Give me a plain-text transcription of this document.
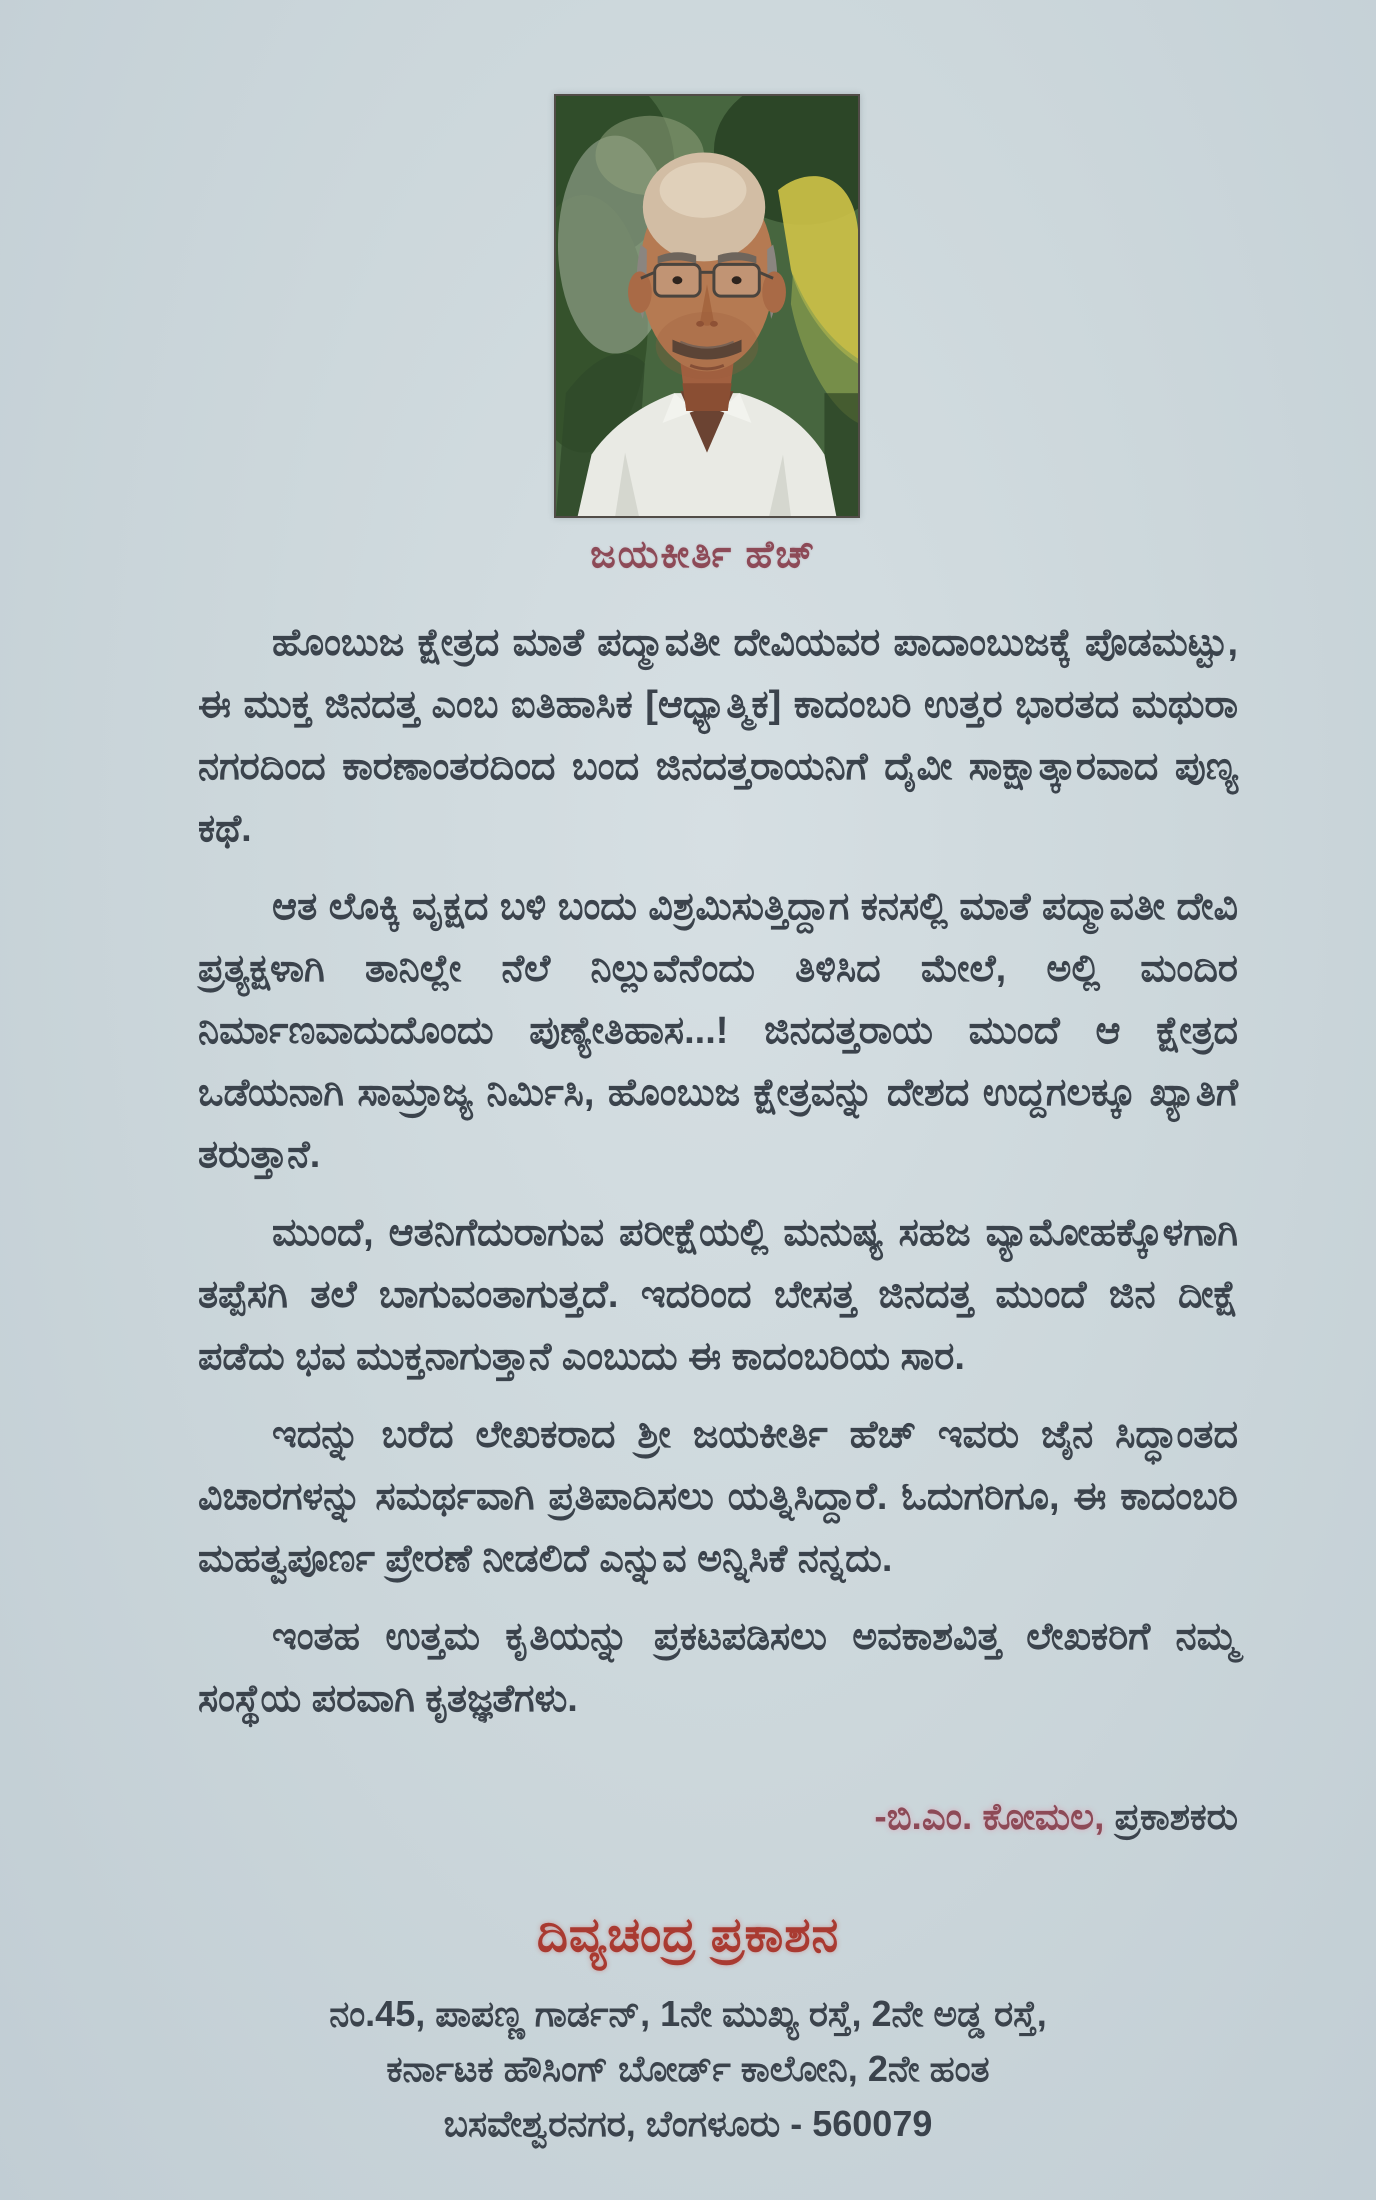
ಜಯಕೀರ್ತಿ ಹೆಚ್

ಹೊಂಬುಜ ಕ್ಷೇತ್ರದ ಮಾತೆ ಪದ್ಮಾವತೀ ದೇವಿಯವರ ಪಾದಾಂಬುಜಕ್ಕೆ ಪೊಡಮಟ್ಟು, ಈ ಮುಕ್ತ ಜಿನದತ್ತ ಎಂಬ ಐತಿಹಾಸಿಕ [ಆಧ್ಯಾತ್ಮಿಕ] ಕಾದಂಬರಿ ಉತ್ತರ ಭಾರತದ ಮಥುರಾ ನಗರದಿಂದ ಕಾರಣಾಂತರದಿಂದ ಬಂದ ಜಿನದತ್ತರಾಯನಿಗೆ ದೈವೀ ಸಾಕ್ಷಾತ್ಕಾರವಾದ ಪುಣ್ಯ ಕಥೆ.

ಆತ ಲೊಕ್ಕಿ ವೃಕ್ಷದ ಬಳಿ ಬಂದು ವಿಶ್ರಮಿಸುತ್ತಿದ್ದಾಗ ಕನಸಲ್ಲಿ ಮಾತೆ ಪದ್ಮಾವತೀ ದೇವಿ ಪ್ರತ್ಯಕ್ಷಳಾಗಿ ತಾನಿಲ್ಲೇ ನೆಲೆ ನಿಲ್ಲುವೆನೆಂದು ತಿಳಿಸಿದ ಮೇಲೆ, ಅಲ್ಲಿ ಮಂದಿರ ನಿರ್ಮಾಣವಾದುದೊಂದು ಪುಣ್ಯೇತಿಹಾಸ...! ಜಿನದತ್ತರಾಯ ಮುಂದೆ ಆ ಕ್ಷೇತ್ರದ ಒಡೆಯನಾಗಿ ಸಾಮ್ರಾಜ್ಯ ನಿರ್ಮಿಸಿ, ಹೊಂಬುಜ ಕ್ಷೇತ್ರವನ್ನು ದೇಶದ ಉದ್ದಗಲಕ್ಕೂ ಖ್ಯಾತಿಗೆ ತರುತ್ತಾನೆ.

ಮುಂದೆ, ಆತನಿಗೆದುರಾಗುವ ಪರೀಕ್ಷೆಯಲ್ಲಿ ಮನುಷ್ಯ ಸಹಜ ವ್ಯಾಮೋಹಕ್ಕೊಳಗಾಗಿ ತಪ್ಪೆಸಗಿ ತಲೆ ಬಾಗುವಂತಾಗುತ್ತದೆ. ಇದರಿಂದ ಬೇಸತ್ತ ಜಿನದತ್ತ ಮುಂದೆ ಜಿನ ದೀಕ್ಷೆ ಪಡೆದು ಭವ ಮುಕ್ತನಾಗುತ್ತಾನೆ ಎಂಬುದು ಈ ಕಾದಂಬರಿಯ ಸಾರ.

ಇದನ್ನು ಬರೆದ ಲೇಖಕರಾದ ಶ್ರೀ ಜಯಕೀರ್ತಿ ಹೆಚ್ ಇವರು ಜೈನ ಸಿದ್ಧಾಂತದ ವಿಚಾರಗಳನ್ನು ಸಮರ್ಥವಾಗಿ ಪ್ರತಿಪಾದಿಸಲು ಯತ್ನಿಸಿದ್ದಾರೆ. ಓದುಗರಿಗೂ, ಈ ಕಾದಂಬರಿ ಮಹತ್ವಪೂರ್ಣ ಪ್ರೇರಣೆ ನೀಡಲಿದೆ ಎನ್ನುವ ಅನ್ನಿಸಿಕೆ ನನ್ನದು.

ಇಂತಹ ಉತ್ತಮ ಕೃತಿಯನ್ನು ಪ್ರಕಟಪಡಿಸಲು ಅವಕಾಶವಿತ್ತ ಲೇಖಕರಿಗೆ ನಮ್ಮ ಸಂಸ್ಥೆಯ ಪರವಾಗಿ ಕೃತಜ್ಞತೆಗಳು.

-ಬಿ.ಎಂ. ಕೋಮಲ, ಪ್ರಕಾಶಕರು
ದಿವ್ಯಚಂದ್ರ ಪ್ರಕಾಶನ
ನಂ.45, ಪಾಪಣ್ಣ ಗಾರ್ಡನ್, 1ನೇ ಮುಖ್ಯ ರಸ್ತೆ, 2ನೇ ಅಡ್ಡ ರಸ್ತೆ,
ಕರ್ನಾಟಕ ಹೌಸಿಂಗ್ ಬೋರ್ಡ್ ಕಾಲೋನಿ, 2ನೇ ಹಂತ
ಬಸವೇಶ್ವರನಗರ, ಬೆಂಗಳೂರು - 560079
